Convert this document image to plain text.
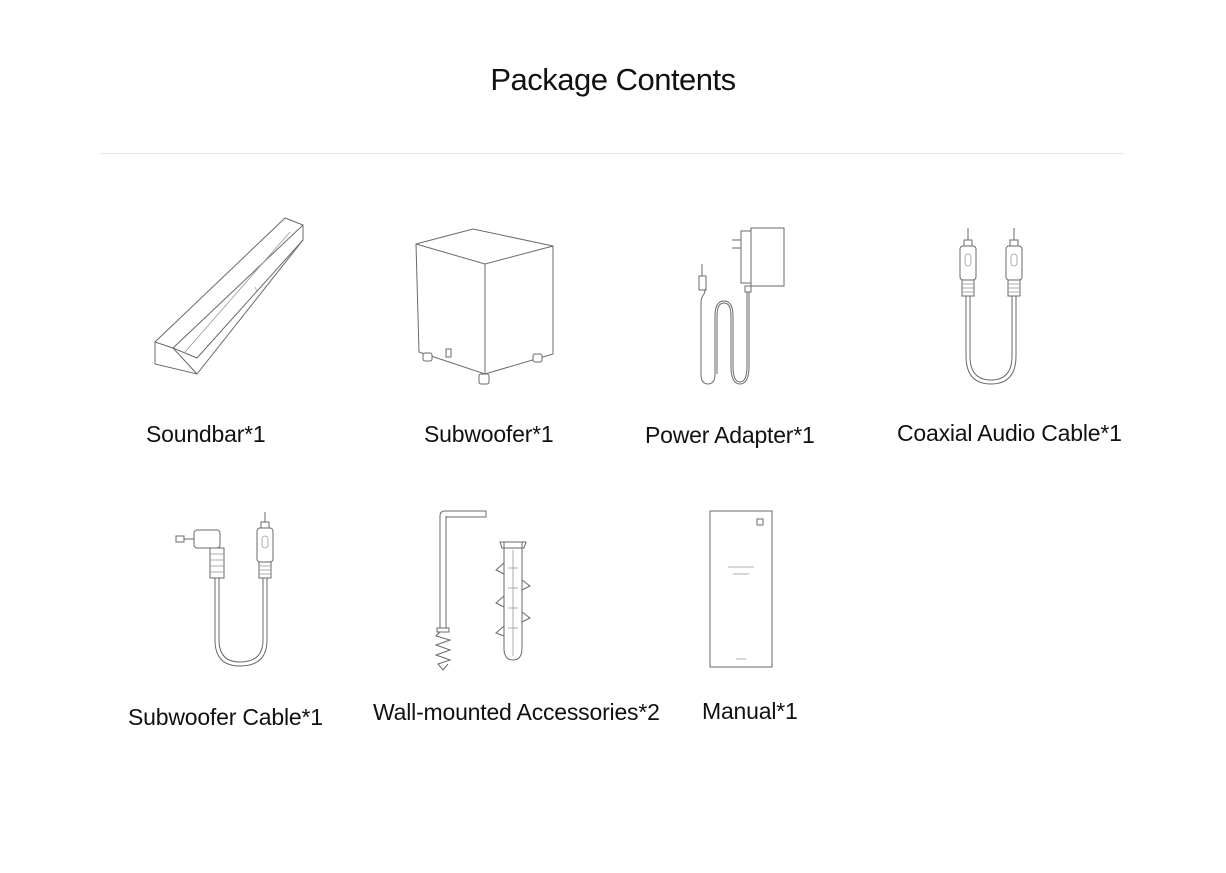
Package Contents
Soundbar*1	Subwoofer*1	Power Adapter*1	Coaxial Audio Cable*1
Subwoofer Cable*1 Wall-mounted Accessories*2 Manual*1
